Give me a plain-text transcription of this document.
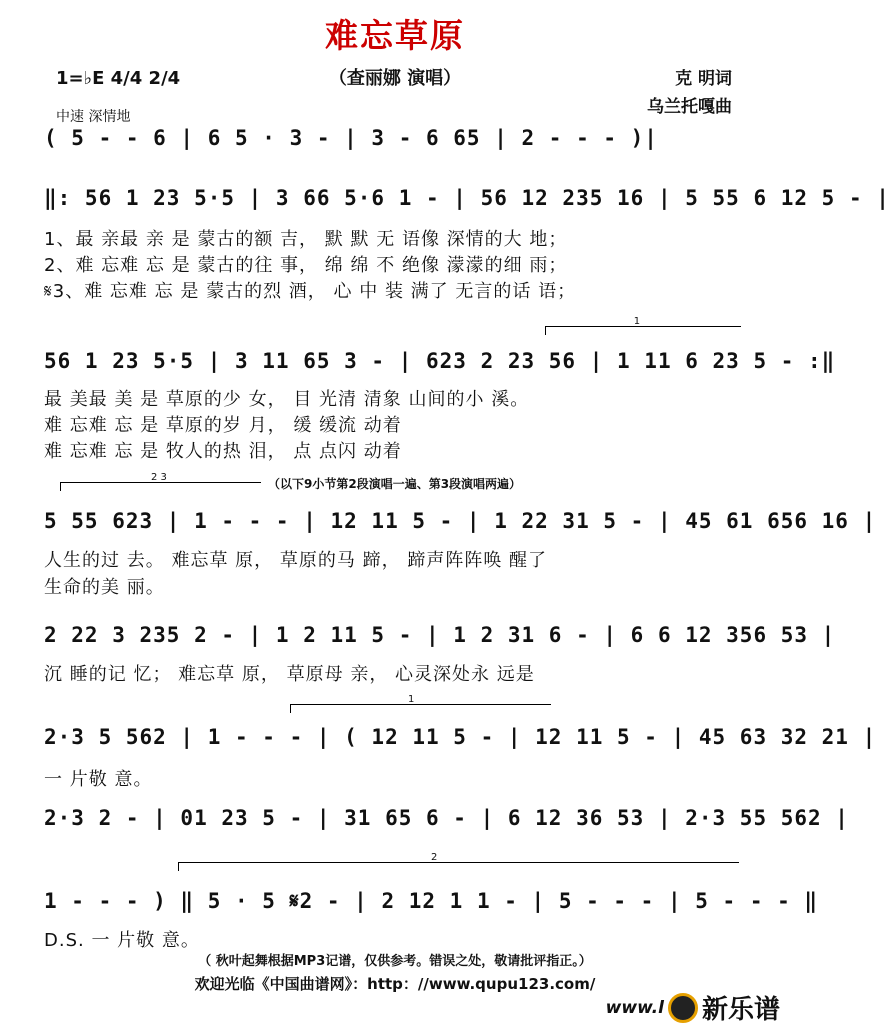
难忘草原
（查丽娜 演唱）	克 明词
乌兰托嘎曲
1=♭E 4/4 2/4
中速 深情地
( 5 - - 6 | 6 5 · 3 - | 3 - 6 65 | 2 - - - )|
‖: 56 1 23 5·5 | 3 66 5·6 1 - | 56 12 235 16 | 5 55 6 12 5 - |
1、最 亲最 亲 是 蒙古的额 吉， 默 默 无 语像 深情的大 地；
2、难 忘难 忘 是 蒙古的往 事， 绵 绵 不 绝像 濛濛的细 雨；
𝄋3、难 忘难 忘 是 蒙古的烈 酒， 心 中 装 满了 无言的话 语；
1
56 1 23 5·5 | 3 11 65 3 - | 623 2 23 56 | 1 11 6 23 5 - :‖
最 美最 美 是 草原的少 女， 目 光清 清象 山间的小 溪。
难 忘难 忘 是 草原的岁 月， 缓 缓流 动着
难 忘难 忘 是 牧人的热 泪， 点 点闪 动着
2 3	（以下9小节第2段演唱一遍、第3段演唱两遍）
5 55 623 | 1 - - - | 12 11 5 - | 1 22 31 5 - | 45 61 656 16 |
人生的过 去。 难忘草 原， 草原的马 蹄， 蹄声阵阵唤 醒了
生命的美 丽。
2 22 3 235 2 - | 1 2 11 5 - | 1 2 31 6 - | 6 6 12 356 53 |
沉 睡的记 忆； 难忘草 原， 草原母 亲， 心灵深处永 远是
1
2·3 5 562 | 1 - - - | ( 12 11 5 - | 12 11 5 - | 45 63 32 21 |
一 片敬 意。
2·3 2 - | 01 23 5 - | 31 65 6 - | 6 12 36 53 | 2·3 55 562 |
2
1 - - - ) ‖ 5 · 5 𝄋2 - | 2 12 1 1 - | 5 - - - | 5 - - - ‖
D.S. 一 片敬 意。
（ 秋叶起舞根据MP3记谱，仅供参考。错误之处，敬请批评指正。）
欢迎光临《中国曲谱网》：http：//www.qupu123.com/
www.l 新乐谱
